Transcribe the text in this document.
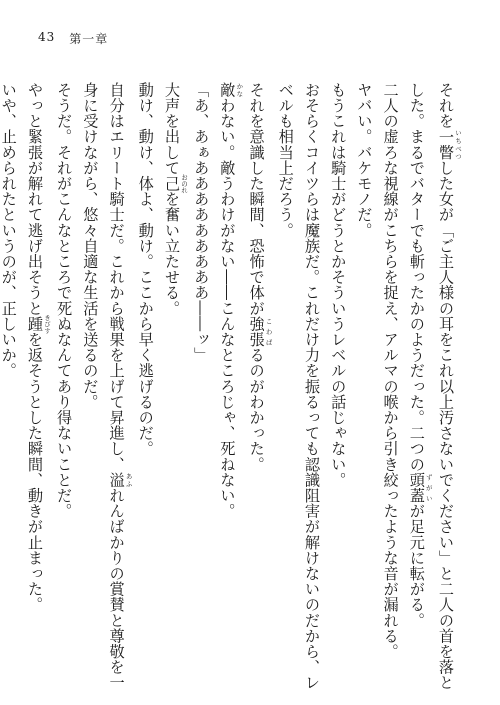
43 第一章
それを一瞥 いちべつした女が「ご主人様の耳をこれ以上汚さないでください」と二人の首を落と
した。まるでバターでも斬ったかのようだった。二つの頭蓋 ずがいが足元に転がる。
二人の虚ろな視線がこちらを捉え、アルマの喉から引き絞ったような音が漏れる。
ヤバい。バケモノだ。
もうこれは騎士がどうとかそういうレベルの話じゃない。
おそらくコイツらは魔族だ。これだけ力を振るっても認識阻害が解けないのだから、レ
ベルも相当上だろう。
それを意識した瞬間、恐怖で体が強張 こわばるのがわかった。
敵 かなわない。敵うわけがない――こんなところじゃ、死ねない。
「あ、あぁあああああああああ――ッ」
大声を出して己 おのれを奮い立たせる。
動け、動け、体よ、動け。ここから早く逃げるのだ。
自分はエリート騎士だ。これから戦果を上げて昇進し、溢 あふれんばかりの賞賛と尊敬を一
身に受けながら、悠々自適な生活を送るのだ。
そうだ。それがこんなところで死ぬなんてあり得ないことだ。
やっと緊張が解れて逃げ出そうと踵 きびすを返そうとした瞬間、動きが止まった。
いや、止められたというのが、正しいか。
